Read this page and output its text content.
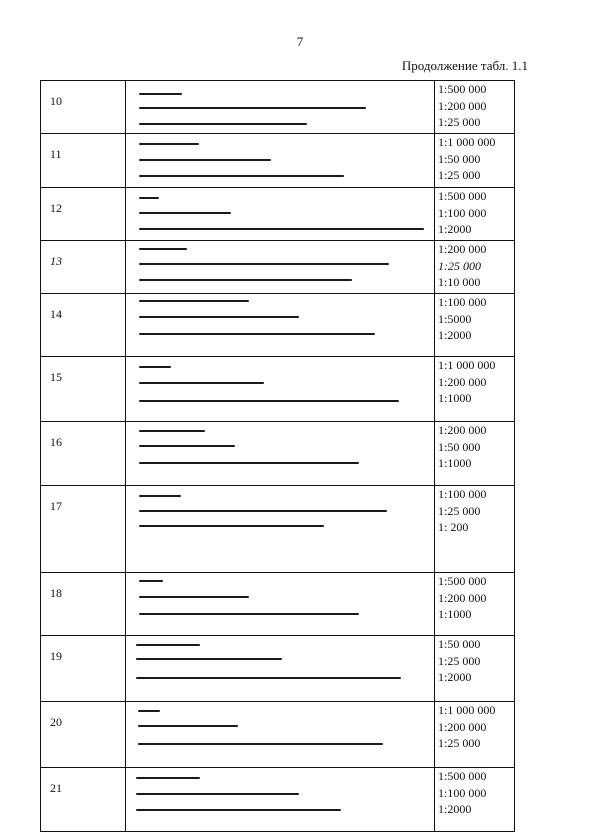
7
Продолжение табл. 1.1
10		1:500 000
1:200 000
1:25 000

11		1:1 000 000
1:50 000
1:25 000

12		1:500 000
1:100 000
1:2000

13		1:200 000
1:25 000
1:10 000

14		1:100 000
1:5000
1:2000

15		1:1 000 000
1:200 000
1:1000

16		1:200 000
1:50 000
1:1000

17		1:100 000
1:25 000
1: 200

18		1:500 000
1:200 000
1:1000

19		1:50 000
1:25 000
1:2000

20		1:1 000 000
1:200 000
1:25 000

21		1:500 000
1:100 000
1:2000
